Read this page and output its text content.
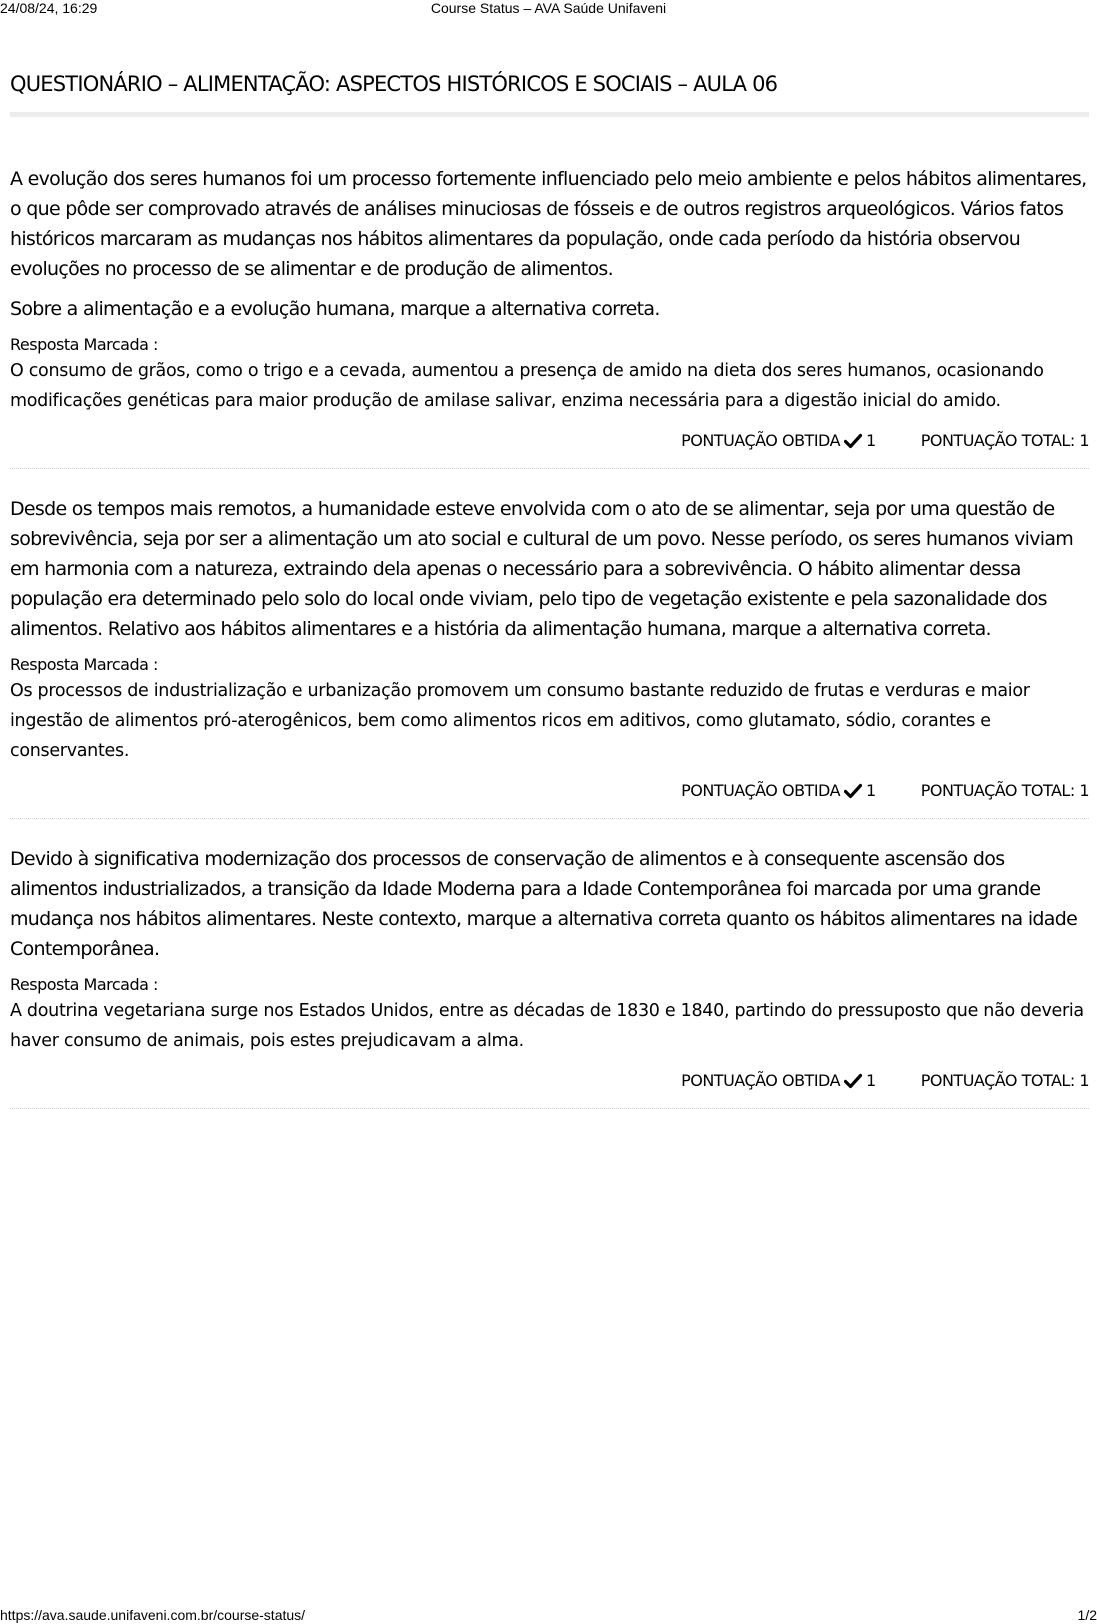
24/08/24, 16:29	Course Status – AVA Saúde Unifaveni
QUESTIONÁRIO – ALIMENTAÇÃO: ASPECTOS HISTÓRICOS E SOCIAIS – AULA 06

A evolução dos seres humanos foi um processo fortemente influenciado pelo meio ambiente e pelos hábitos alimentares, o que pôde ser comprovado através de análises minuciosas de fósseis e de outros registros arqueológicos. Vários fatos históricos marcaram as mudanças nos hábitos alimentares da população, onde cada período da história observou evoluções no processo de se alimentar e de produção de alimentos.

Sobre a alimentação e a evolução humana, marque a alternativa correta.

Resposta Marcada :

O consumo de grãos, como o trigo e a cevada, aumentou a presença de amido na dieta dos seres humanos, ocasionando modificações genéticas para maior produção de amilase salivar, enzima necessária para a digestão inicial do amido.

PONTUAÇÃO OBTIDA 1	PONTUAÇÃO TOTAL: 1

Desde os tempos mais remotos, a humanidade esteve envolvida com o ato de se alimentar, seja por uma questão de sobrevivência, seja por ser a alimentação um ato social e cultural de um povo. Nesse período, os seres humanos viviam em harmonia com a natureza, extraindo dela apenas o necessário para a sobrevivência. O hábito alimentar dessa população era determinado pelo solo do local onde viviam, pelo tipo de vegetação existente e pela sazonalidade dos alimentos. Relativo aos hábitos alimentares e a história da alimentação humana, marque a alternativa correta.

Resposta Marcada :

Os processos de industrialização e urbanização promovem um consumo bastante reduzido de frutas e verduras e maior ingestão de alimentos pró-aterogênicos, bem como alimentos ricos em aditivos, como glutamato, sódio, corantes e conservantes.

PONTUAÇÃO OBTIDA 1	PONTUAÇÃO TOTAL: 1

Devido à significativa modernização dos processos de conservação de alimentos e à consequente ascensão dos alimentos industrializados, a transição da Idade Moderna para a Idade Contemporânea foi marcada por uma grande mudança nos hábitos alimentares. Neste contexto, marque a alternativa correta quanto os hábitos alimentares na idade Contemporânea.

Resposta Marcada :

A doutrina vegetariana surge nos Estados Unidos, entre as décadas de 1830 e 1840, partindo do pressuposto que não deveria haver consumo de animais, pois estes prejudicavam a alma.

PONTUAÇÃO OBTIDA 1	PONTUAÇÃO TOTAL: 1
https://ava.saude.unifaveni.com.br/course-status/	1/2
